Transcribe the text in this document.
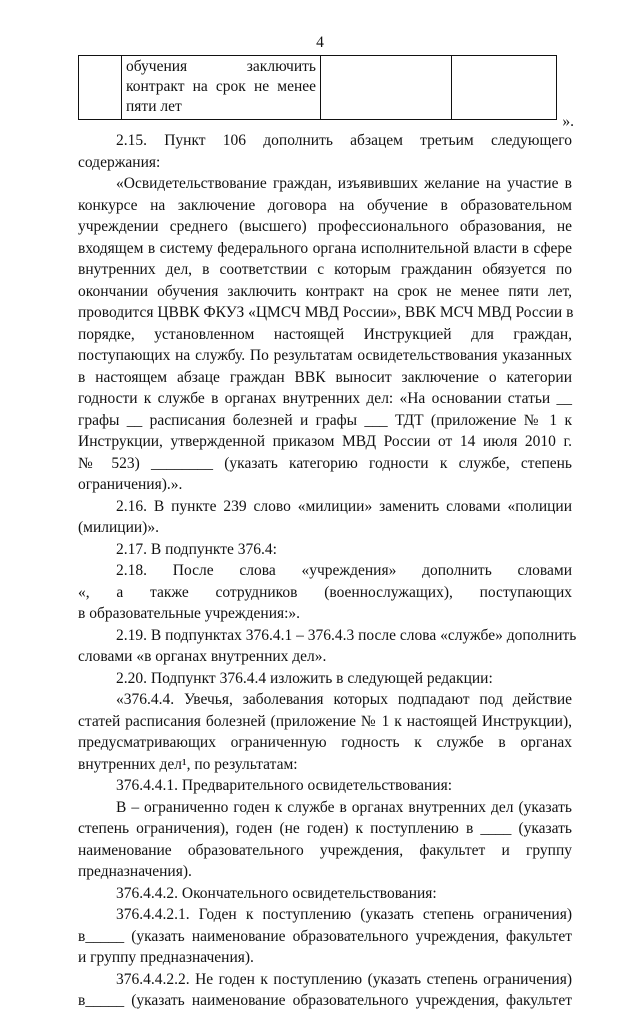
4

обучения заключить
контракт на срок не менее
пяти лет

».
2.15. Пункт 106 дополнить абзацем третьим следующего
содержания:
«Освидетельствование граждан, изъявивших желание на участие в
конкурсе на заключение договора на обучение в образовательном
учреждении среднего (высшего) профессионального образования, не
входящем в систему федерального органа исполнительной власти в сфере
внутренних дел, в соответствии с которым гражданин обязуется по
окончании обучения заключить контракт на срок не менее пяти лет,
проводится ЦВВК ФКУЗ «ЦМСЧ МВД России», ВВК МСЧ МВД России в
порядке, установленном настоящей Инструкцией для граждан,
поступающих на службу. По результатам освидетельствования указанных
в настоящем абзаце граждан ВВК выносит заключение о категории
годности к службе в органах внутренних дел: «На основании статьи __
графы __ расписания болезней и графы ___ ТДТ (приложение № 1 к
Инструкции, утвержденной приказом МВД России от 14 июля 2010 г.
№ 523) ________ (указать категорию годности к службе, степень
ограничения).».
2.16. В пункте 239 слово «милиции» заменить словами «полиции
(милиции)».
2.17. В подпункте 376.4:
2.18. После слова «учреждения» дополнить словами
«, а также сотрудников (военнослужащих), поступающих
в образовательные учреждения:».
2.19. В подпунктах 376.4.1 – 376.4.3 после слова «службе» дополнить
словами «в органах внутренних дел».
2.20. Подпункт 376.4.4 изложить в следующей редакции:
«376.4.4. Увечья, заболевания которых подпадают под действие
статей расписания болезней (приложение № 1 к настоящей Инструкции),
предусматривающих ограниченную годность к службе в органах
внутренних дел¹, по результатам:
376.4.4.1. Предварительного освидетельствования:
В – ограниченно годен к службе в органах внутренних дел (указать
степень ограничения), годен (не годен) к поступлению в ____ (указать
наименование образовательного учреждения, факультет и группу
предназначения).
376.4.4.2. Окончательного освидетельствования:
376.4.4.2.1. Годен к поступлению (указать степень ограничения)
в_____ (указать наименование образовательного учреждения, факультет
и группу предназначения).
376.4.4.2.2. Не годен к поступлению (указать степень ограничения)
в_____ (указать наименование образовательного учреждения, факультет
